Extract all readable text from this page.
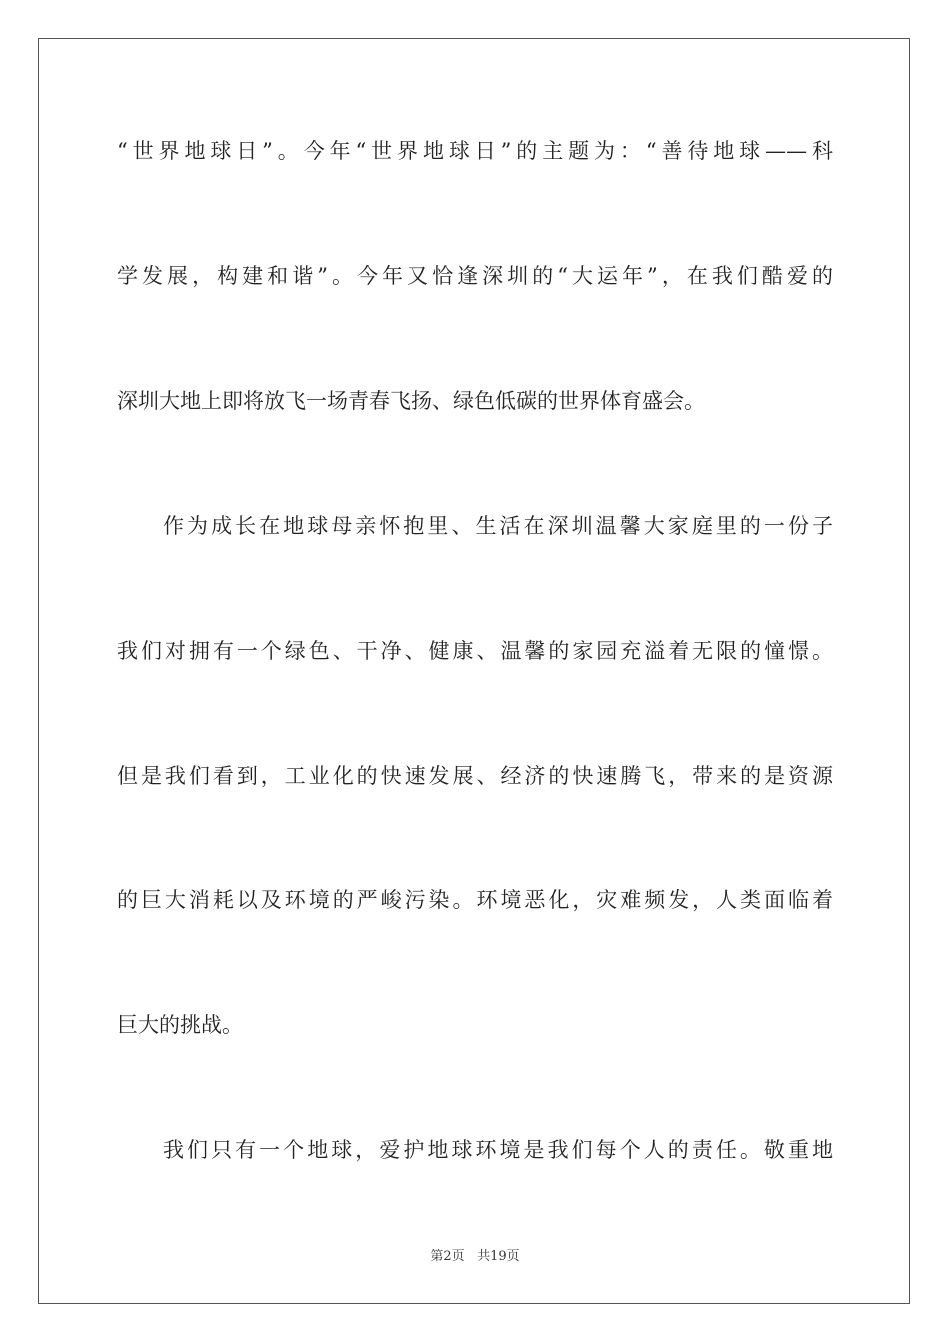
“世界地球日”。今年“世界地球日”的主题为：“善待地球——科
学发展，构建和谐”。今年又恰逢深圳的“大运年”，在我们酷爱的
深圳大地上即将放飞一场青春飞扬、绿色低碳的世界体育盛会。
作为成长在地球母亲怀抱里、生活在深圳温馨大家庭里的一份子
我们对拥有一个绿色、干净、健康、温馨的家园充溢着无限的憧憬。
但是我们看到，工业化的快速发展、经济的快速腾飞，带来的是资源
的巨大消耗以及环境的严峻污染。环境恶化，灾难频发，人类面临着
巨大的挑战。
我们只有一个地球，爱护地球环境是我们每个人的责任。敬重地
第2页 共19页
